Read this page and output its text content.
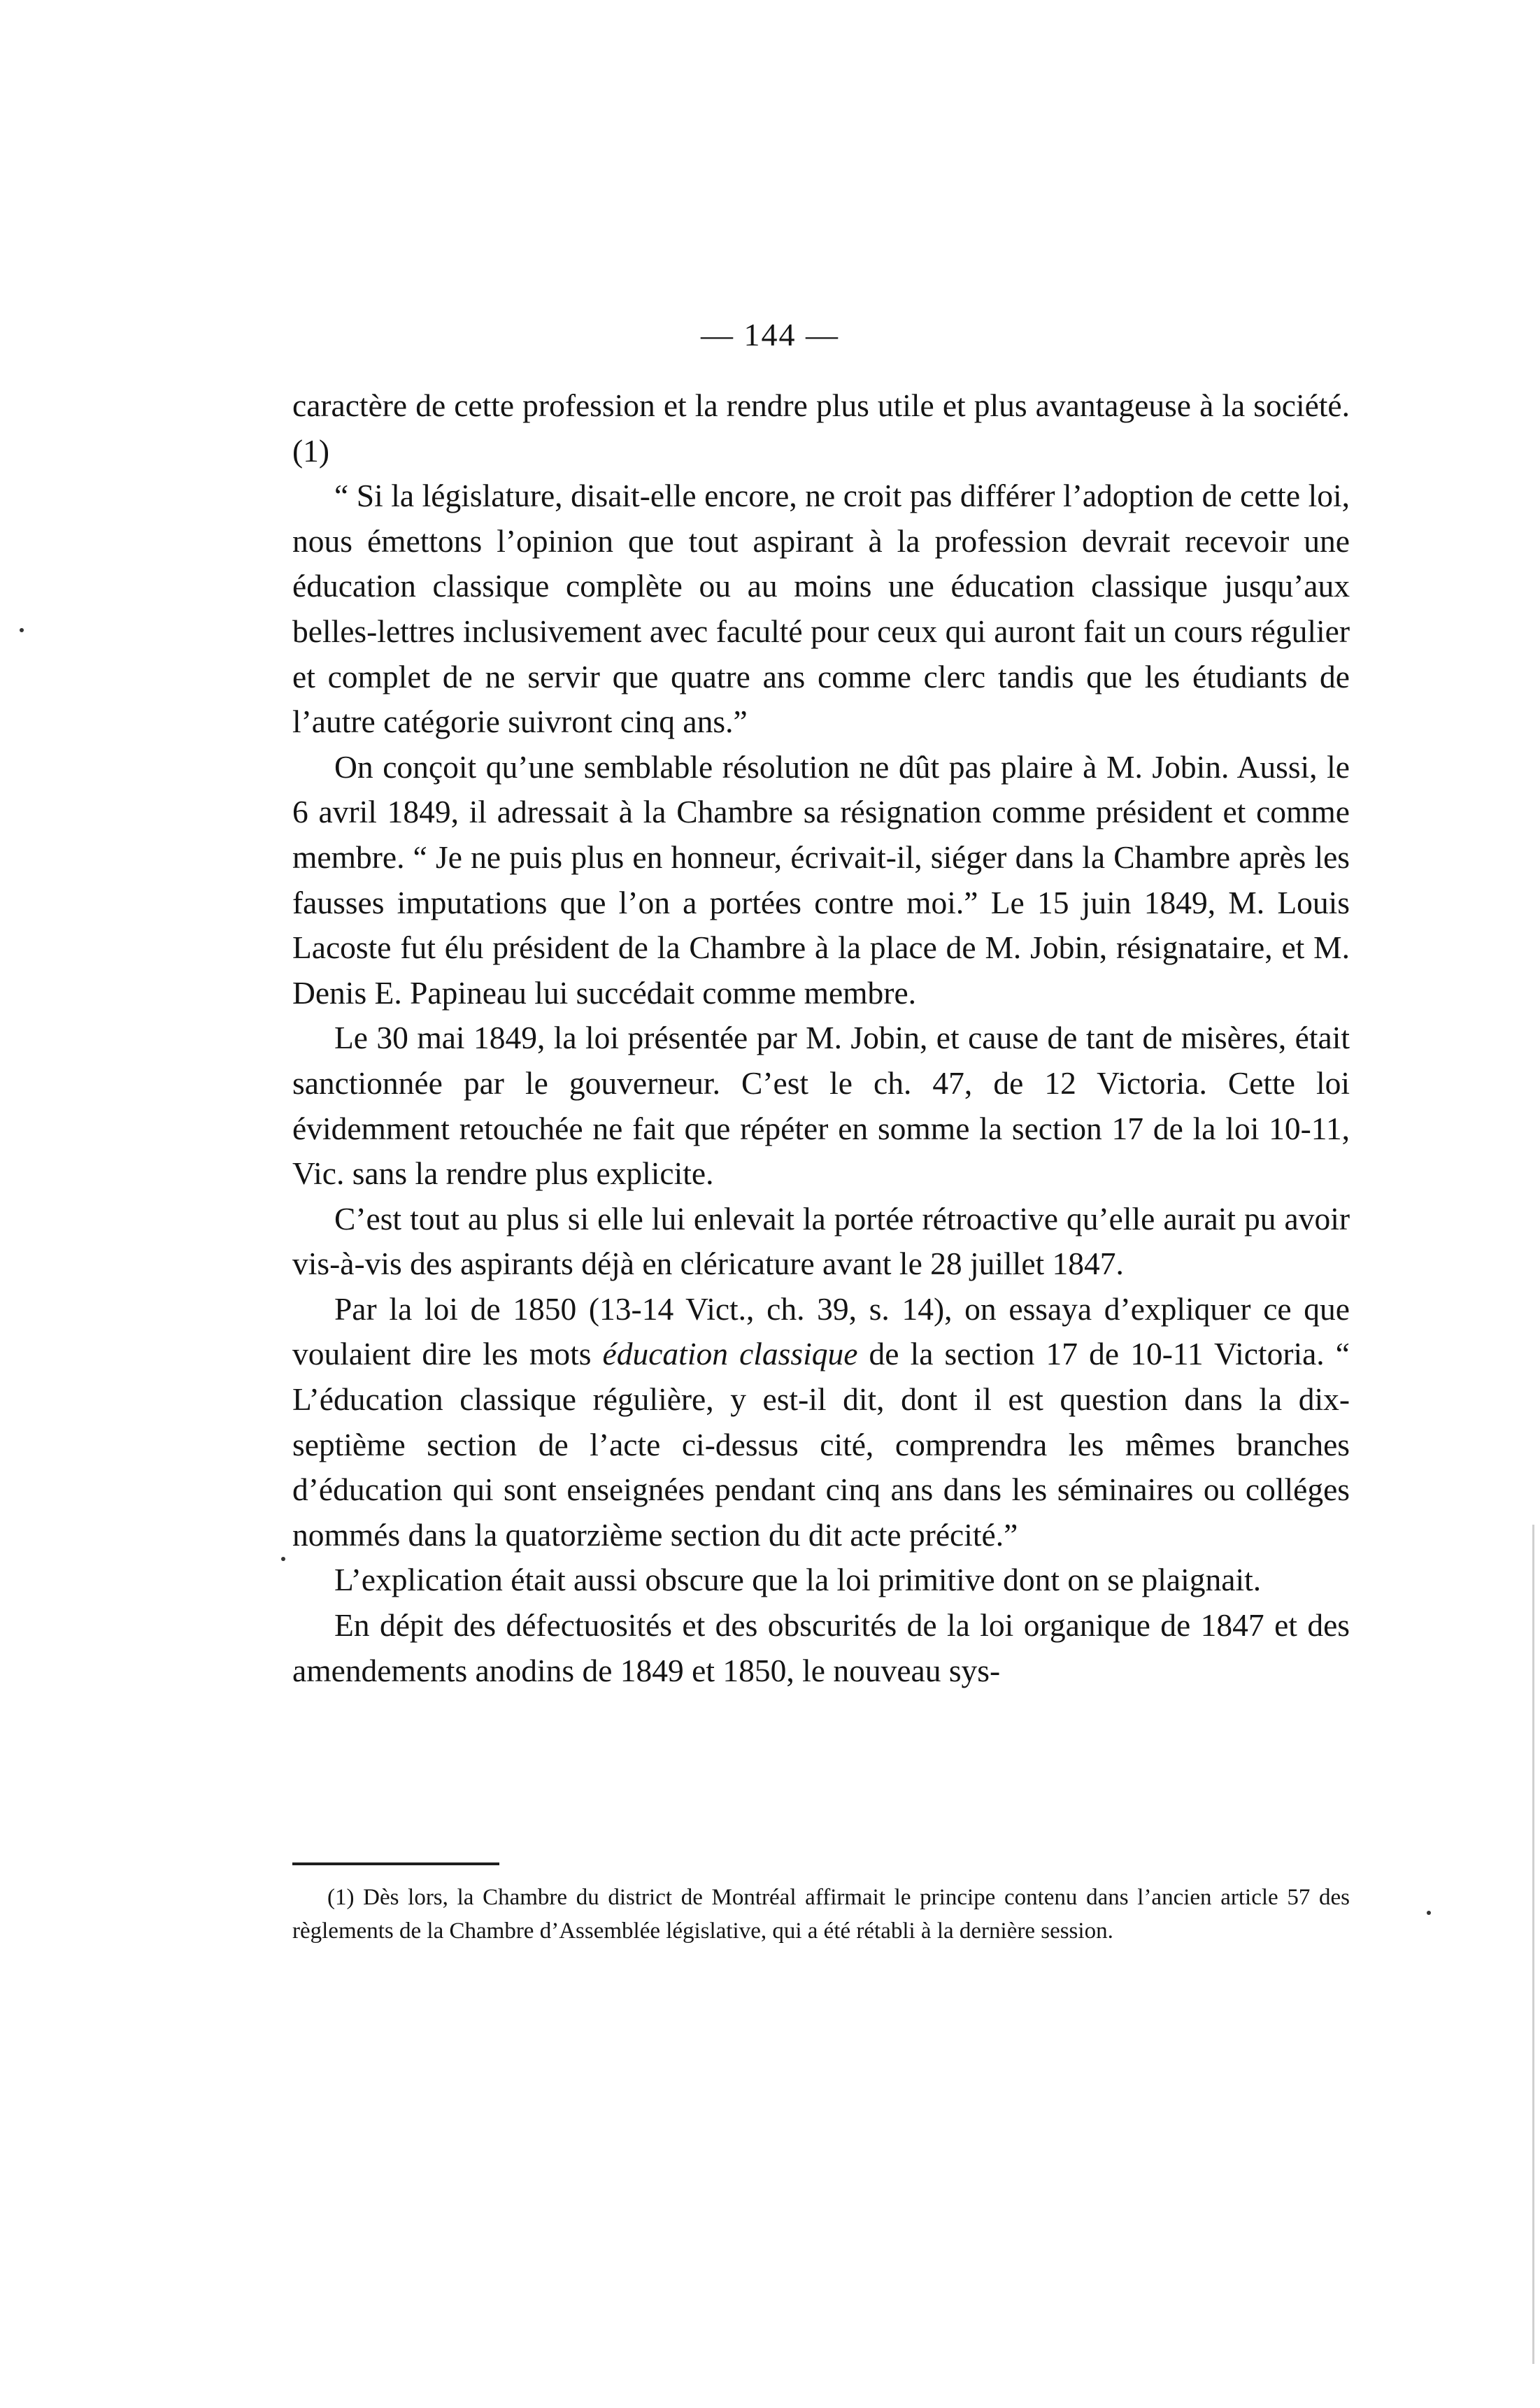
— 144 —

caractère de cette profession et la rendre plus utile et plus avantageuse à la société. (1)

“ Si la législature, disait-elle encore, ne croit pas différer l’adoption de cette loi, nous émettons l’opinion que tout aspirant à la profession devrait recevoir une éducation classique complète ou au moins une éducation classique jusqu’aux belles-lettres inclusivement avec faculté pour ceux qui auront fait un cours régulier et complet de ne servir que quatre ans comme clerc tandis que les étudiants de l’autre catégorie suivront cinq ans.”

On conçoit qu’une semblable résolution ne dût pas plaire à M. Jobin. Aussi, le 6 avril 1849, il adressait à la Chambre sa résignation comme président et comme membre. “ Je ne puis plus en honneur, écrivait-il, siéger dans la Chambre après les fausses imputations que l’on a portées contre moi.” Le 15 juin 1849, M. Louis Lacoste fut élu président de la Chambre à la place de M. Jobin, résignataire, et M. Denis E. Papineau lui succédait comme membre.

Le 30 mai 1849, la loi présentée par M. Jobin, et cause de tant de misères, était sanctionnée par le gouverneur. C’est le ch. 47, de 12 Victoria. Cette loi évidemment retouchée ne fait que répéter en somme la section 17 de la loi 10-11, Vic. sans la rendre plus explicite.

C’est tout au plus si elle lui enlevait la portée rétroactive qu’elle aurait pu avoir vis-à-vis des aspirants déjà en cléricature avant le 28 juillet 1847.

Par la loi de 1850 (13-14 Vict., ch. 39, s. 14), on essaya d’expliquer ce que voulaient dire les mots éducation classique de la section 17 de 10-11 Victoria. “ L’éducation classique régulière, y est-il dit, dont il est question dans la dix-septième section de l’acte ci-dessus cité, comprendra les mêmes branches d’éducation qui sont enseignées pendant cinq ans dans les séminaires ou colléges nommés dans la quatorzième section du dit acte précité.”

L’explication était aussi obscure que la loi primitive dont on se plaignait.

En dépit des défectuosités et des obscurités de la loi organique de 1847 et des amendements anodins de 1849 et 1850, le nouveau sys-

(1) Dès lors, la Chambre du district de Montréal affirmait le principe contenu dans l’ancien article 57 des règlements de la Chambre d’Assemblée législative, qui a été rétabli à la dernière session.
